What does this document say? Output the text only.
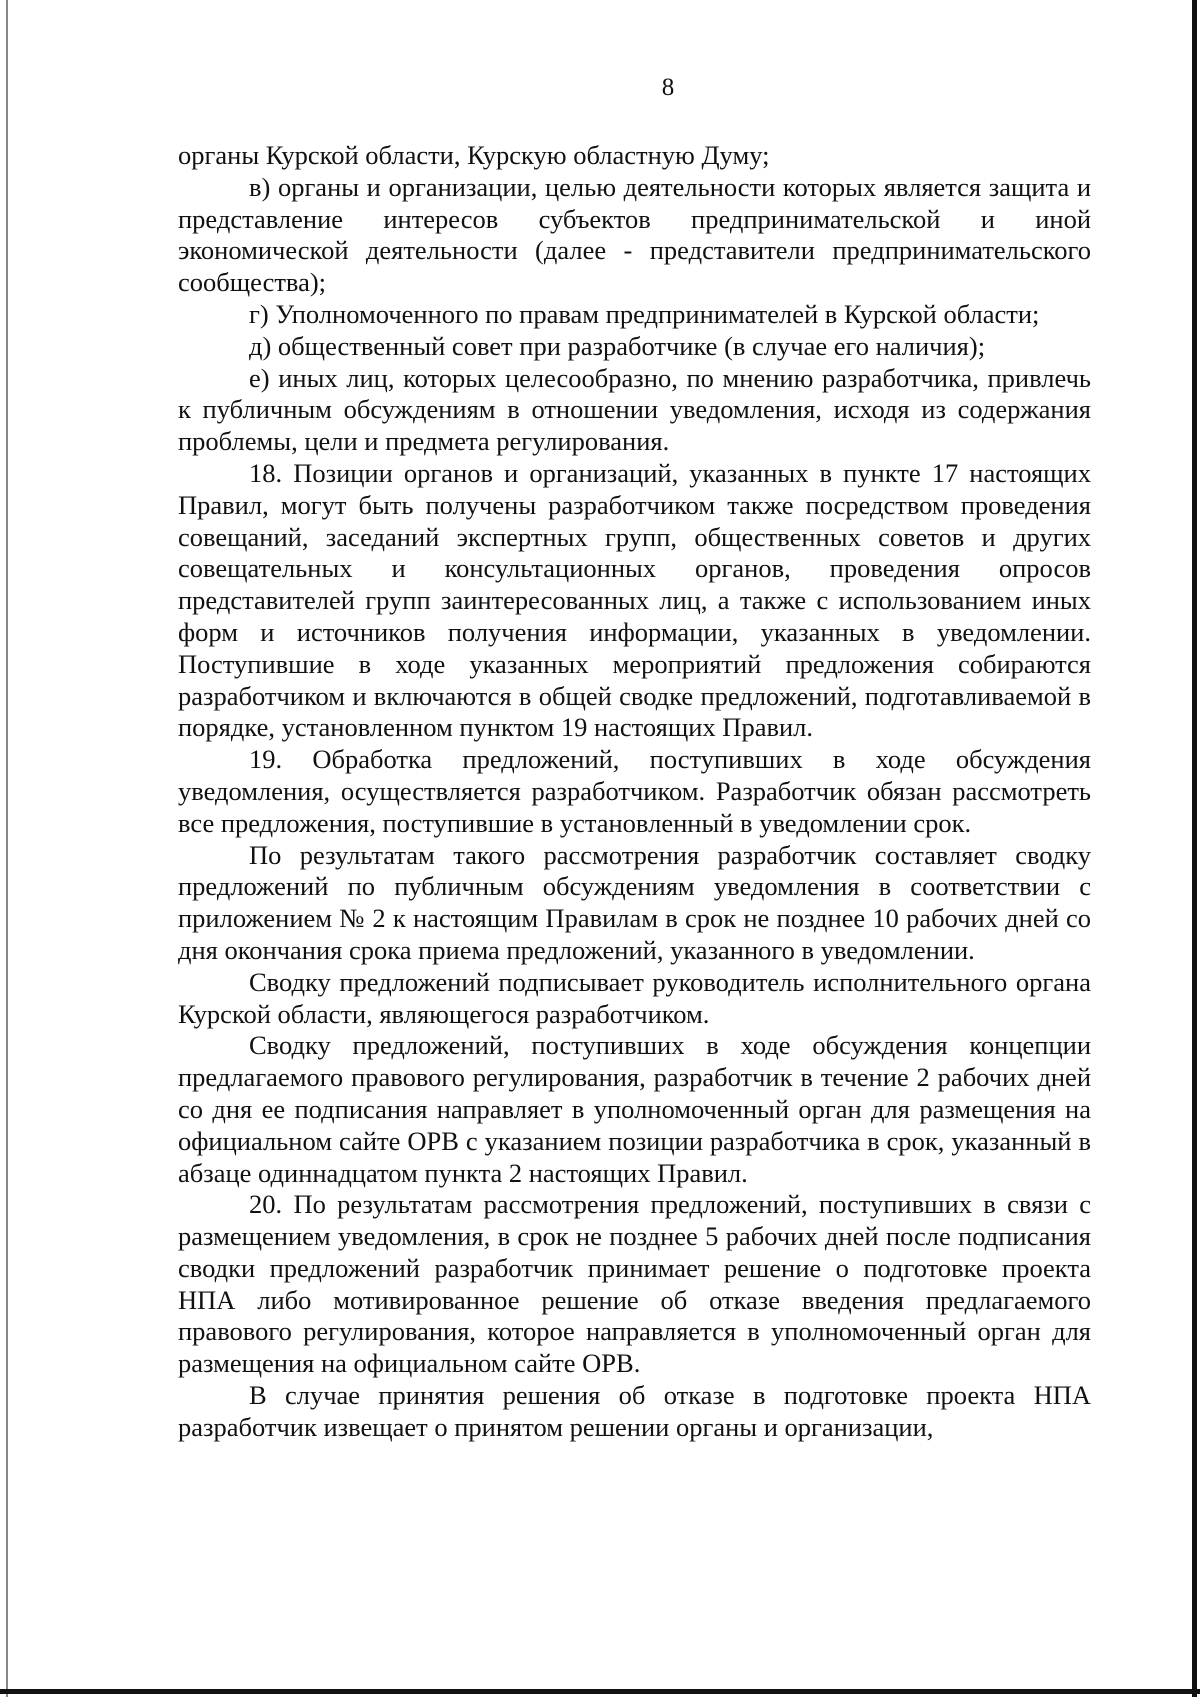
8

органы Курской области, Курскую областную Думу;

в) органы и организации, целью деятельности которых является защита и представление интересов субъектов предпринимательской и иной экономической деятельности (далее - представители предпринимательского сообщества);

г) Уполномоченного по правам предпринимателей в Курской области;

д) общественный совет при разработчике (в случае его наличия);

е) иных лиц, которых целесообразно, по мнению разработчика, привлечь к публичным обсуждениям в отношении уведомления, исходя из содержания проблемы, цели и предмета регулирования.

18. Позиции органов и организаций, указанных в пункте 17 настоящих Правил, могут быть получены разработчиком также посредством проведения совещаний, заседаний экспертных групп, общественных советов и других совещательных и консультационных органов, проведения опросов представителей групп заинтересованных лиц, а также с использованием иных форм и источников получения информации, указанных в уведомлении. Поступившие в ходе указанных мероприятий предложения собираются разработчиком и включаются в общей сводке предложений, подготавливаемой в порядке, установленном пунктом 19 настоящих Правил.

19. Обработка предложений, поступивших в ходе обсуждения уведомления, осуществляется разработчиком. Разработчик обязан рассмотреть все предложения, поступившие в установленный в уведомлении срок.

По результатам такого рассмотрения разработчик составляет сводку предложений по публичным обсуждениям уведомления в соответствии с приложением № 2 к настоящим Правилам в срок не позднее 10 рабочих дней со дня окончания срока приема предложений, указанного в уведомлении.

Сводку предложений подписывает руководитель исполнительного органа Курской области, являющегося разработчиком.

Сводку предложений, поступивших в ходе обсуждения концепции предлагаемого правового регулирования, разработчик в течение 2 рабочих дней со дня ее подписания направляет в уполномоченный орган для размещения на официальном сайте ОРВ с указанием позиции разработчика в срок, указанный в абзаце одиннадцатом пункта 2 настоящих Правил.

20. По результатам рассмотрения предложений, поступивших в связи с размещением уведомления, в срок не позднее 5 рабочих дней после подписания сводки предложений разработчик принимает решение о подготовке проекта НПА либо мотивированное решение об отказе введения предлагаемого правового регулирования, которое направляется в уполномоченный орган для размещения на официальном сайте ОРВ.

В случае принятия решения об отказе в подготовке проекта НПА разработчик извещает о принятом решении органы и организации,
